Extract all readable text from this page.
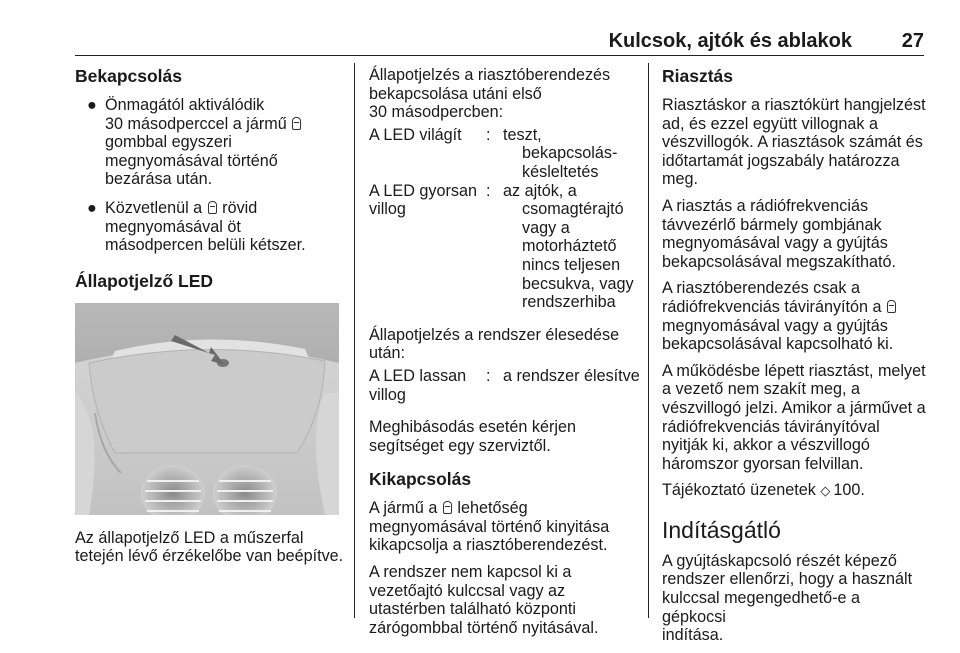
Kulcsok, ajtók és ablakok 27
Bekapcsolás
● Önmagától aktiválódik
30 másodperccel a jármű
gombbal egyszeri
megnyomásával történő
bezárása után.
● Közvetlenül a  rövid
megnyomásával öt
másodpercen belüli kétszer.
Állapotjelző LED

Az állapotjelző LED a műszerfal
tetején lévő érzékelőbe van beépítve.

Állapotjelzés a riasztóberendezés
bekapcsolása utáni első
30 másodpercben:

A LED világít	: teszt,
bekapcsolás-
késleltetés
A LED gyorsan
villog
: az ajtók, a
csomagtérajtó
vagy a
motorháztető
nincs teljesen
becsukva, vagy
rendszerhiba

Állapotjelzés a rendszer élesedése
után:

A LED lassan
villog
: a rendszer élesítve

Meghibásodás esetén kérjen
segítséget egy szerviztől.

Kikapcsolás

A jármű a  lehetőség
megnyomásával történő kinyitása
kikapcsolja a riasztóberendezést.

A rendszer nem kapcsol ki a
vezetőajtó kulccsal vagy az
utastérben található központi
zárógombbal történő nyitásával.

Riasztás

Riasztáskor a riasztókürt hangjelzést
ad, és ezzel együtt villognak a
vészvillogók. A riasztások számát és
időtartamát jogszabály határozza
meg.

A riasztás a rádiófrekvenciás
távvezérlő bármely gombjának
megnyomásával vagy a gyújtás
bekapcsolásával megszakítható.

A riasztóberendezés csak a
rádiófrekvenciás távirányítón a
megnyomásával vagy a gyújtás
bekapcsolásával kapcsolható ki.

A működésbe lépett riasztást, melyet
a vezető nem szakít meg, a
vészvillogó jelzi. Amikor a járművet a
rádiófrekvenciás távirányítóval
nyitják ki, akkor a vészvillogó
háromszor gyorsan felvillan.

Tájékoztató üzenetek ◇ 100.

Indításgátló

A gyújtáskapcsoló részét képező
rendszer ellenőrzi, hogy a használt
kulccsal megengedhető-e a gépkocsi
indítása.
